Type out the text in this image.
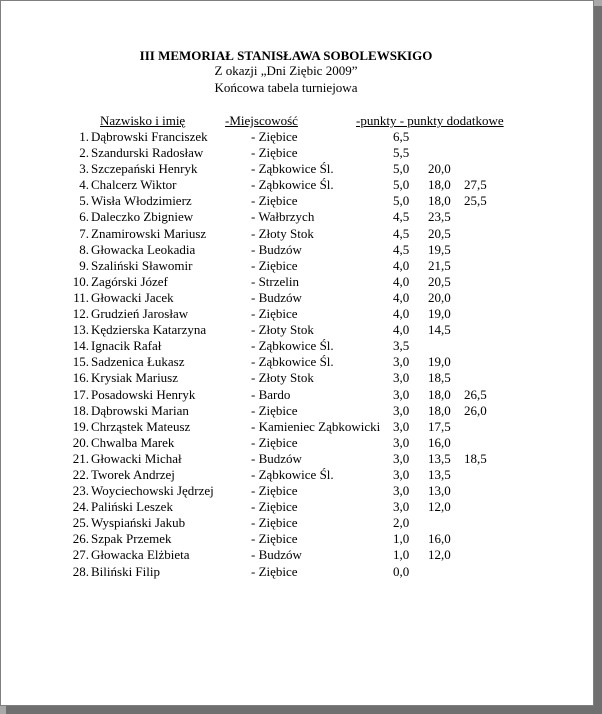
III MEMORIAŁ STANISŁAWA SOBOLEWSKIGO
Z okazji „Dni Ziębic 2009”
Końcowa tabela turniejowa
Nazwisko i imię	-Miejscowość	-punkty - punkty dodatkowe
1. Dąbrowski Franciszek	- Ziębice	6,5
2. Szandurski Radosław	- Ziębice	5,5
3. Szczepański Henryk	- Ząbkowice Śl.	5,0 20,0
4. Chalcerz Wiktor	- Ząbkowice Śl.	5,0 18,0 27,5
5. Wisła Włodzimierz	- Ziębice	5,0 18,0 25,5
6. Daleczko Zbigniew	- Wałbrzych	4,5 23,5
7. Znamirowski Mariusz	- Złoty Stok	4,5 20,5
8. Głowacka Leokadia	- Budzów	4,5 19,5
9. Szaliński Sławomir	- Ziębice	4,0 21,5
10. Zagórski Józef	- Strzelin	4,0 20,5
11. Głowacki Jacek	- Budzów	4,0 20,0
12. Grudzień Jarosław	- Ziębice	4,0 19,0
13. Kędzierska Katarzyna	- Złoty Stok	4,0 14,5
14. Ignacik Rafał	- Ząbkowice Śl.	3,5
15. Sadzenica Łukasz	- Ząbkowice Śl.	3,0 19,0
16. Krysiak Mariusz	- Złoty Stok	3,0 18,5
17. Posadowski Henryk	- Bardo	3,0 18,0 26,5
18. Dąbrowski Marian	- Ziębice	3,0 18,0 26,0
19. Chrząstek Mateusz	- Kamieniec Ząbkowicki 3,0 17,5
20. Chwalba Marek	- Ziębice	3,0 16,0
21. Głowacki Michał	- Budzów	3,0 13,5 18,5
22. Tworek Andrzej	- Ząbkowice Śl.	3,0 13,5
23. Woyciechowski Jędrzej	- Ziębice	3,0 13,0
24. Paliński Leszek	- Ziębice	3,0 12,0
25. Wyspiański Jakub	- Ziębice	2,0
26. Szpak Przemek	- Ziębice	1,0 16,0
27. Głowacka Elżbieta	- Budzów	1,0 12,0
28. Biliński Filip	- Ziębice	0,0
